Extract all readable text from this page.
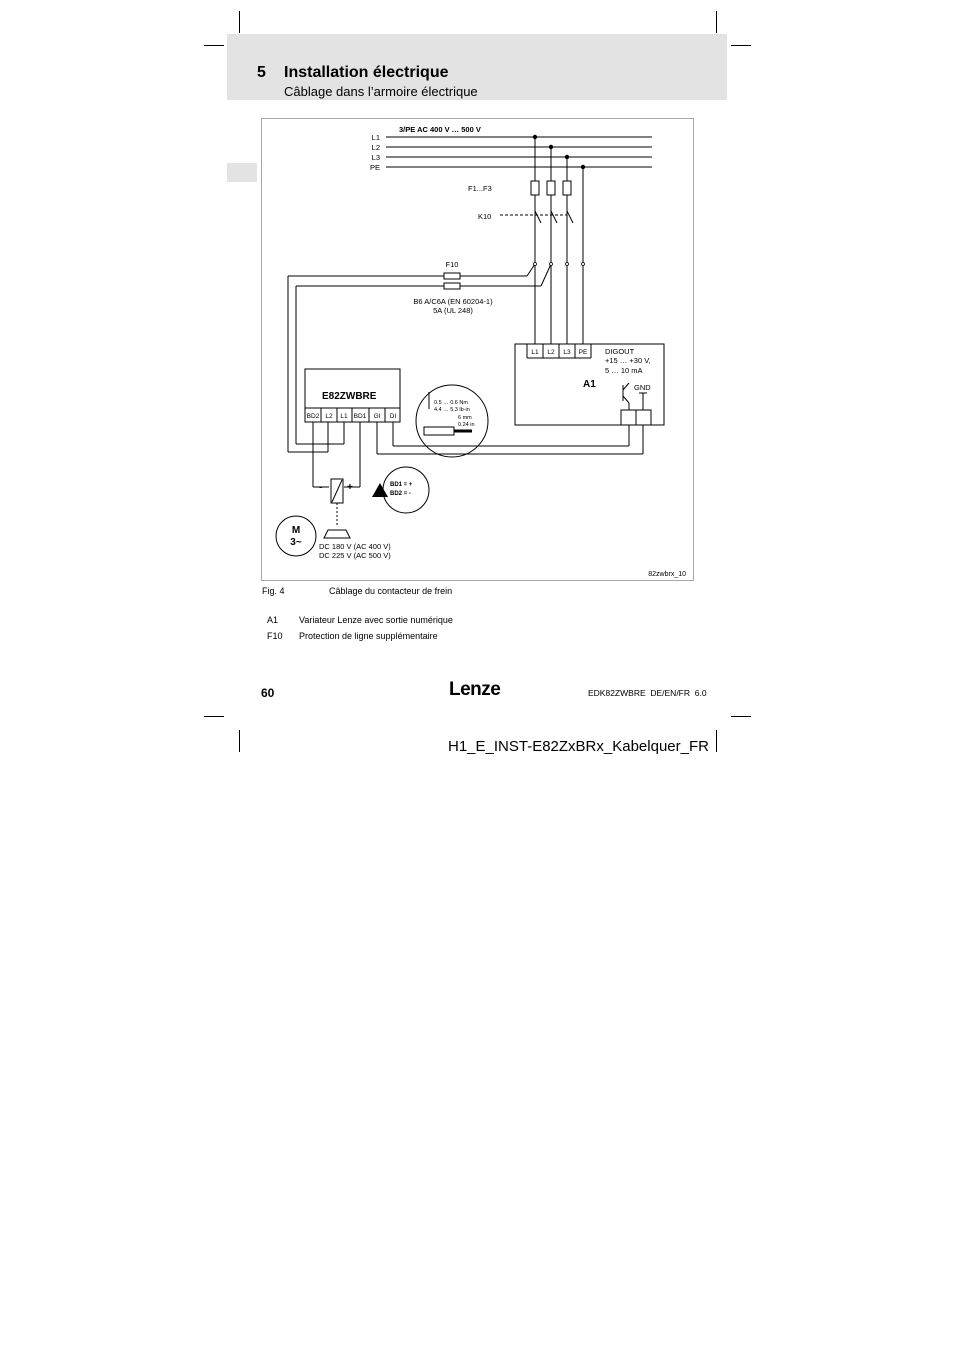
5 Installation électrique
Câblage dans l’armoire électrique
3/PE AC 400 V … 500 V
L1
L2
L3
PE
F1...F3
K10
F10
B6 A/C6A (EN 60204-1)
5A (UL 248)
E82ZWBRE
BD2 L2 L1 BD1 GI DI
0.5 … 0.6 Nm
4.4 … 5.3 lb-in
6 mm
0.24 in
L1 L2 L3 PE
A1
DIGOUT
+15 … +30 V,
5 … 10 mA
GND
- +	BD1 = +
BD2 = -
M
3~ DC 180 V (AC 400 V)
DC 225 V (AC 500 V)
82zwbrx_10
Fig. 4	Câblage du contacteur de frein
A1 Variateur Lenze avec sortie numérique
F10 Protection de ligne supplémentaire
60	Lenze	EDK82ZWBRE  DE/EN/FR  6.0
H1_E_INST-E82ZxBRx_Kabelquer_FR
